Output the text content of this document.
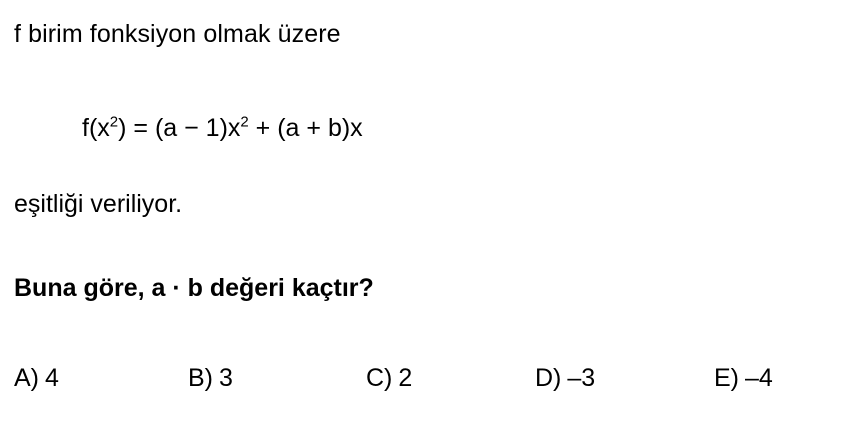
f birim fonksiyon olmak üzere
$f(x^2) = (a - 1)x^2 + (a + b)x$
eşitliği veriliyor.
Buna göre, a · b değeri kaçtır?
A) 4	B) 3	C) 2	D) –3	E) –4
